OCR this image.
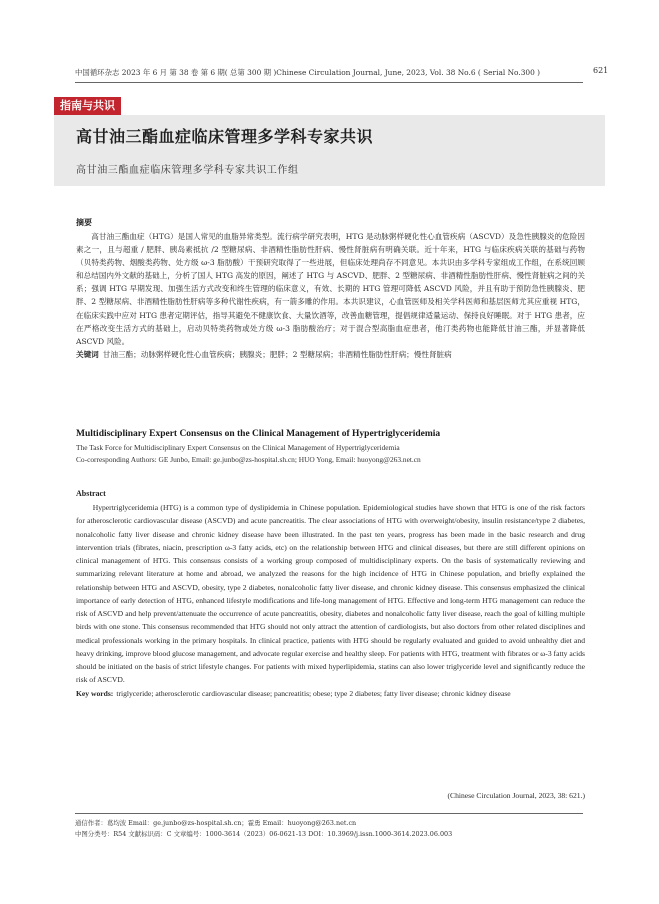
中国循环杂志 2023 年 6 月 第 38 卷 第 6 期( 总第 300 期 )Chinese Circulation Journal, June, 2023, Vol. 38 No.6 ( Serial No.300 )	621
指南与共识
高甘油三酯血症临床管理多学科专家共识
高甘油三酯血症临床管理多学科专家共识工作组
摘要

高甘油三酯血症（HTG）是国人常见的血脂异常类型。流行病学研究表明，HTG 是动脉粥样硬化性心血管疾病（ASCVD）及急性胰腺炎的危险因素之一，且与超重 / 肥胖、胰岛素抵抗 /2 型糖尿病、非酒精性脂肪性肝病、慢性肾脏病有明确关联。近十年来，HTG 与临床疾病关联的基础与药物（贝特类药物、烟酸类药物、处方级 ω-3 脂肪酸）干预研究取得了一些进展，但临床处理尚存不同意见。本共识由多学科专家组成工作组，在系统回顾和总结国内外文献的基础上，分析了国人 HTG 高发的原因，阐述了 HTG 与 ASCVD、肥胖、2 型糖尿病、非酒精性脂肪性肝病、慢性肾脏病之间的关系；强调 HTG 早期发现、加强生活方式改变和终生管理的临床意义，有效、长期的 HTG 管理可降低 ASCVD 风险，并且有助于预防急性胰腺炎、肥胖、2 型糖尿病、非酒精性脂肪性肝病等多种代谢性疾病，有一箭多雕的作用。本共识建议，心血管医师及相关学科医师和基层医师尤其应重视 HTG，在临床实践中应对 HTG 患者定期评估，指导其避免不健康饮食、大量饮酒等，改善血糖管理，提倡规律适量运动、保持良好睡眠。对于 HTG 患者，应在严格改变生活方式的基础上，启动贝特类药物或处方级 ω-3 脂肪酸治疗；对于混合型高脂血症患者，他汀类药物也能降低甘油三酯，并显著降低 ASCVD 风险。

关键词 甘油三酯；动脉粥样硬化性心血管疾病；胰腺炎；肥胖；2 型糖尿病；非酒精性脂肪性肝病；慢性肾脏病

Multidisciplinary Expert Consensus on the Clinical Management of Hypertriglyceridemia
The Task Force for Multidisciplinary Expert Consensus on the Clinical Management of Hypertriglyceridemia
Co-corresponding Authors: GE Junbo, Email: ge.junbo@zs-hospital.sh.cn; HUO Yong, Email: huoyong@263.net.cn
Abstract

Hypertriglyceridemia (HTG) is a common type of dyslipidemia in Chinese population. Epidemiological studies have shown that HTG is one of the risk factors for atherosclerotic cardiovascular disease (ASCVD) and acute pancreatitis. The clear associations of HTG with overweight/obesity, insulin resistance/type 2 diabetes, nonalcoholic fatty liver disease and chronic kidney disease have been illustrated. In the past ten years, progress has been made in the basic research and drug intervention trials (fibrates, niacin, prescription ω-3 fatty acids, etc) on the relationship between HTG and clinical diseases, but there are still different opinions on clinical management of HTG. This consensus consists of a working group composed of multidisciplinary experts. On the basis of systematically reviewing and summarizing relevant literature at home and abroad, we analyzed the reasons for the high incidence of HTG in Chinese population, and briefly explained the relationship between HTG and ASCVD, obesity, type 2 diabetes, nonalcoholic fatty liver disease, and chronic kidney disease. This consensus emphasized the clinical importance of early detection of HTG, enhanced lifestyle modifications and life-long management of HTG. Effective and long-term HTG management can reduce the risk of ASCVD and help prevent/attenuate the occurrence of acute pancreatitis, obesity, diabetes and nonalcoholic fatty liver disease, reach the goal of killing multiple birds with one stone. This consensus recommended that HTG should not only attract the attention of cardiologists, but also doctors from other related disciplines and medical professionals working in the primary hospitals. In clinical practice, patients with HTG should be regularly evaluated and guided to avoid unhealthy diet and heavy drinking, improve blood glucose management, and advocate regular exercise and healthy sleep. For patients with HTG, treatment with fibrates or ω-3 fatty acids should be initiated on the basis of strict lifestyle changes. For patients with mixed hyperlipidemia, statins can also lower triglyceride level and significantly reduce the risk of ASCVD.

Key words: triglyceride; atherosclerotic cardiovascular disease; pancreatitis; obese; type 2 diabetes; fatty liver disease; chronic kidney disease

(Chinese Circulation Journal, 2023, 38: 621.)
通信作者：葛均波 Email：ge.junbo@zs-hospital.sh.cn；霍勇 Email：huoyong@263.net.cn
中图分类号：R54 文献标识码：C 文章编号：1000-3614（2023）06-0621-13 DOI：10.3969/j.issn.1000-3614.2023.06.003
